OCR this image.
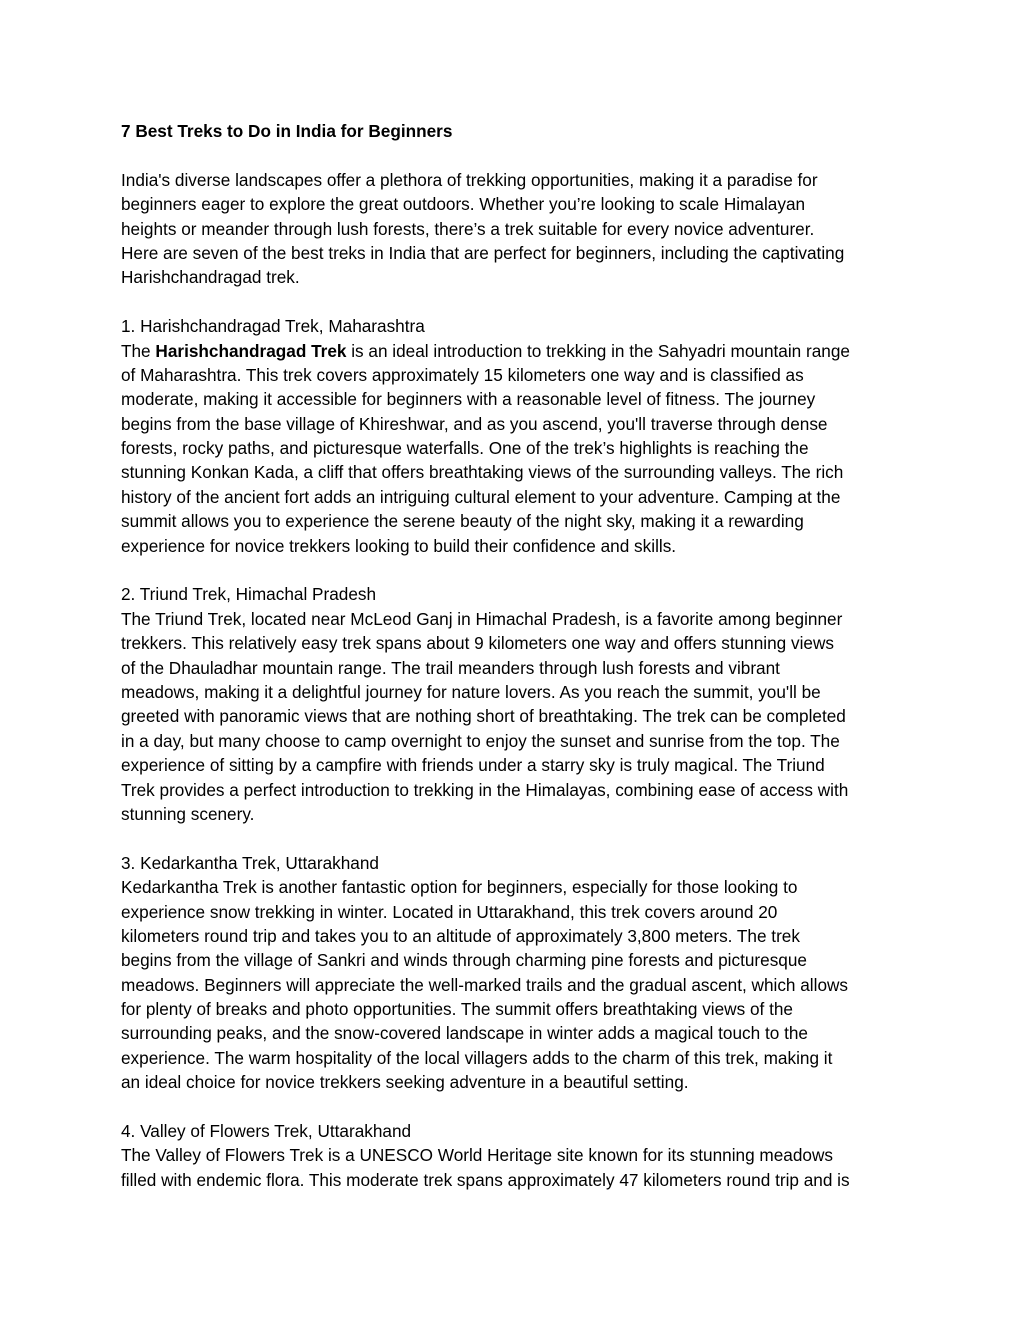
7 Best Treks to Do in India for Beginners
India's diverse landscapes offer a plethora of trekking opportunities, making it a paradise for
beginners eager to explore the great outdoors. Whether you’re looking to scale Himalayan
heights or meander through lush forests, there’s a trek suitable for every novice adventurer.
Here are seven of the best treks in India that are perfect for beginners, including the captivating
Harishchandragad trek.
1. Harishchandragad Trek, Maharashtra
The Harishchandragad Trek is an ideal introduction to trekking in the Sahyadri mountain range
of Maharashtra. This trek covers approximately 15 kilometers one way and is classified as
moderate, making it accessible for beginners with a reasonable level of fitness. The journey
begins from the base village of Khireshwar, and as you ascend, you'll traverse through dense
forests, rocky paths, and picturesque waterfalls. One of the trek’s highlights is reaching the
stunning Konkan Kada, a cliff that offers breathtaking views of the surrounding valleys. The rich
history of the ancient fort adds an intriguing cultural element to your adventure. Camping at the
summit allows you to experience the serene beauty of the night sky, making it a rewarding
experience for novice trekkers looking to build their confidence and skills.
2. Triund Trek, Himachal Pradesh
The Triund Trek, located near McLeod Ganj in Himachal Pradesh, is a favorite among beginner
trekkers. This relatively easy trek spans about 9 kilometers one way and offers stunning views
of the Dhauladhar mountain range. The trail meanders through lush forests and vibrant
meadows, making it a delightful journey for nature lovers. As you reach the summit, you'll be
greeted with panoramic views that are nothing short of breathtaking. The trek can be completed
in a day, but many choose to camp overnight to enjoy the sunset and sunrise from the top. The
experience of sitting by a campfire with friends under a starry sky is truly magical. The Triund
Trek provides a perfect introduction to trekking in the Himalayas, combining ease of access with
stunning scenery.
3. Kedarkantha Trek, Uttarakhand
Kedarkantha Trek is another fantastic option for beginners, especially for those looking to
experience snow trekking in winter. Located in Uttarakhand, this trek covers around 20
kilometers round trip and takes you to an altitude of approximately 3,800 meters. The trek
begins from the village of Sankri and winds through charming pine forests and picturesque
meadows. Beginners will appreciate the well-marked trails and the gradual ascent, which allows
for plenty of breaks and photo opportunities. The summit offers breathtaking views of the
surrounding peaks, and the snow-covered landscape in winter adds a magical touch to the
experience. The warm hospitality of the local villagers adds to the charm of this trek, making it
an ideal choice for novice trekkers seeking adventure in a beautiful setting.
4. Valley of Flowers Trek, Uttarakhand
The Valley of Flowers Trek is a UNESCO World Heritage site known for its stunning meadows
filled with endemic flora. This moderate trek spans approximately 47 kilometers round trip and is
